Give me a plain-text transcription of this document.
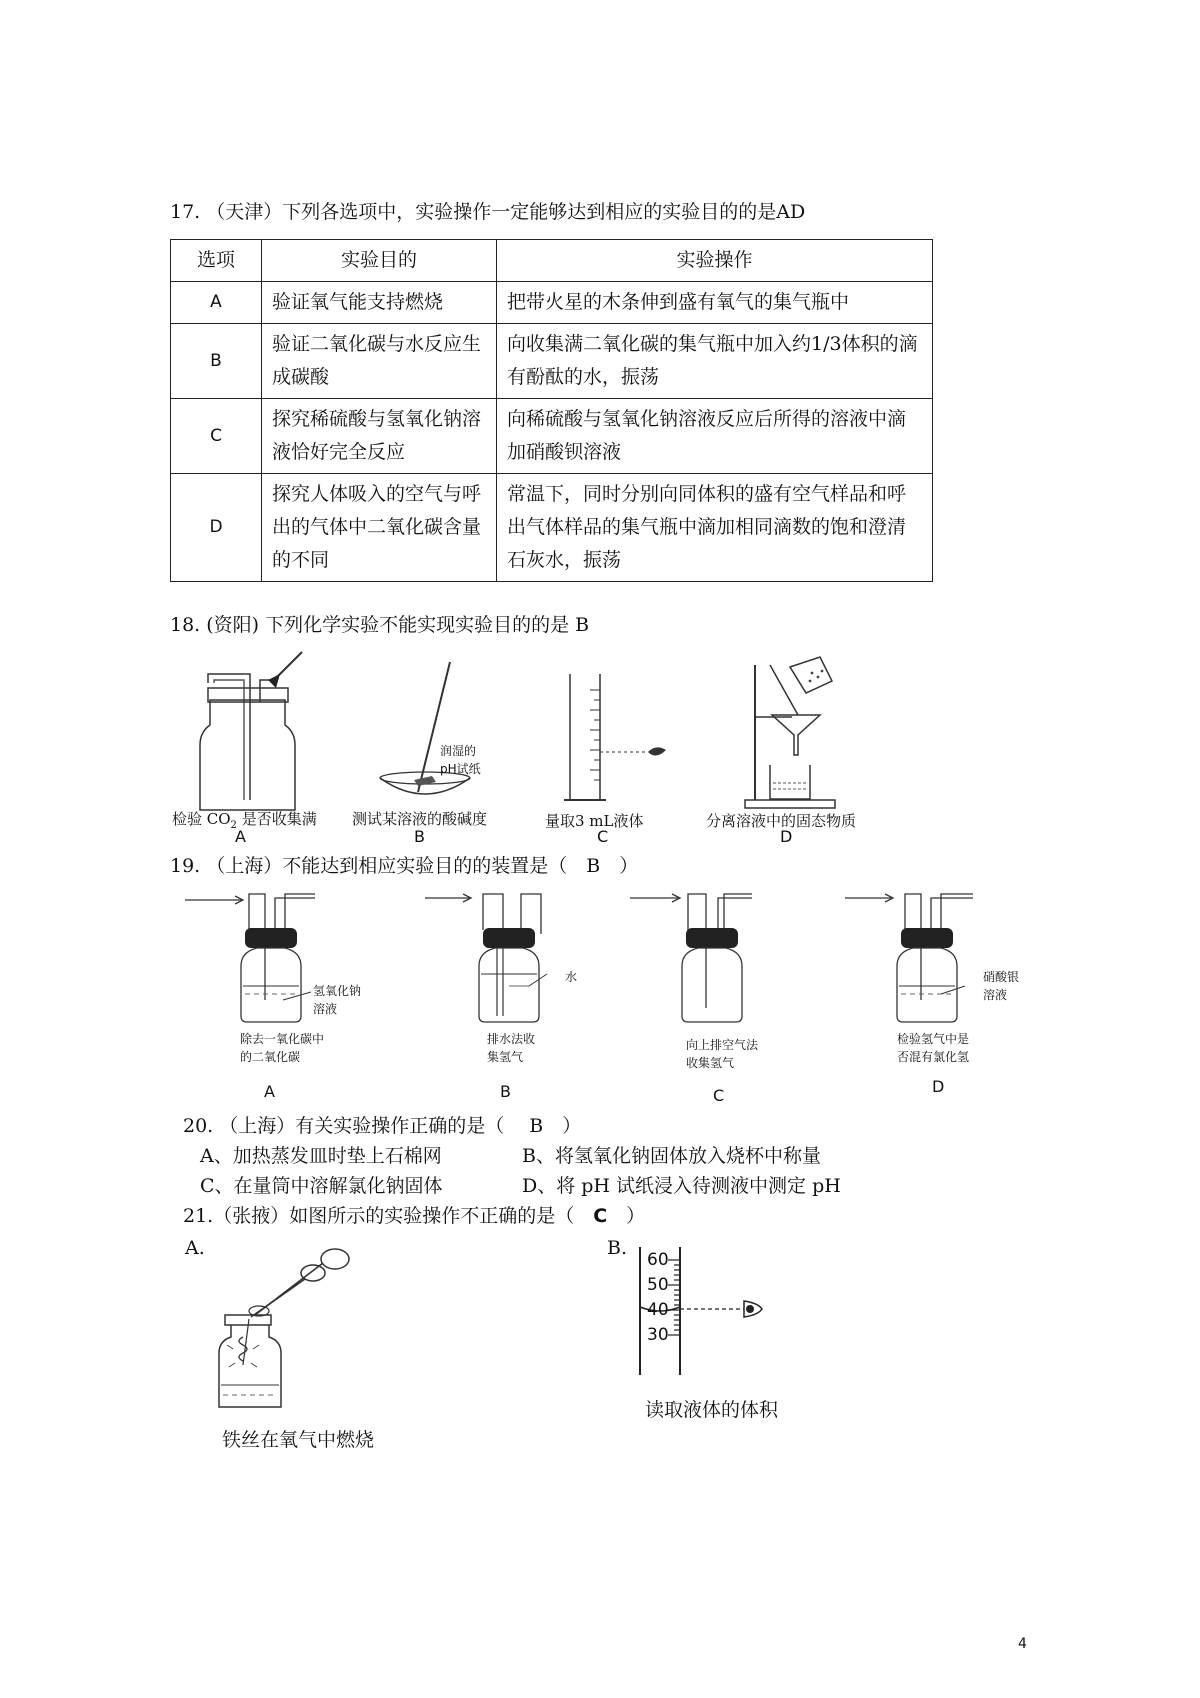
17. （天津）下列各选项中，实验操作一定能够达到相应的实验目的的是AD
选项	实验目的	实验操作
A	验证氧气能支持燃烧	把带火星的木条伸到盛有氧气的集气瓶中
B	验证二氧化碳与水反应生成碳酸	向收集满二氧化碳的集气瓶中加入约1/3体积的滴有酚酞的水，振荡
C	探究稀硫酸与氢氧化钠溶液恰好完全反应	向稀硫酸与氢氧化钠溶液反应后所得的溶液中滴加硝酸钡溶液
D	探究人体吸入的空气与呼出的气体中二氧化碳含量的不同	常温下，同时分别向同体积的盛有空气样品和呼出气体样品的集气瓶中滴加相同滴数的饱和澄清石灰水，振荡
18. (资阳) 下列化学实验不能实现实验目的的是 B
检验 $CO_2$ 是否收集满
A
润湿的
pH试纸
测试某溶液的酸碱度
B
量取3 mL液体
C
分离溶液中的固态物质
D
19. （上海）不能达到相应实验目的的装置是（　B　）
氢氧化钠
溶液
除去一氧化碳中
的二氧化碳
A
水
排水法收
集氢气
B
向上排空气法
收集氢气
C
硝酸银
溶液
检验氢气中是
否混有氯化氢
D
20. （上海）有关实验操作正确的是（　 B　）
A、加热蒸发皿时垫上石棉网	B、将氢氧化钠固体放入烧杯中称量
C、在量筒中溶解氯化钠固体	D、将 pH 试纸浸入待测液中测定 pH
21.（张掖）如图所示的实验操作不正确的是（　C　）
A.
铁丝在氧气中燃烧
B.
60
50
40
30
读取液体的体积
4
